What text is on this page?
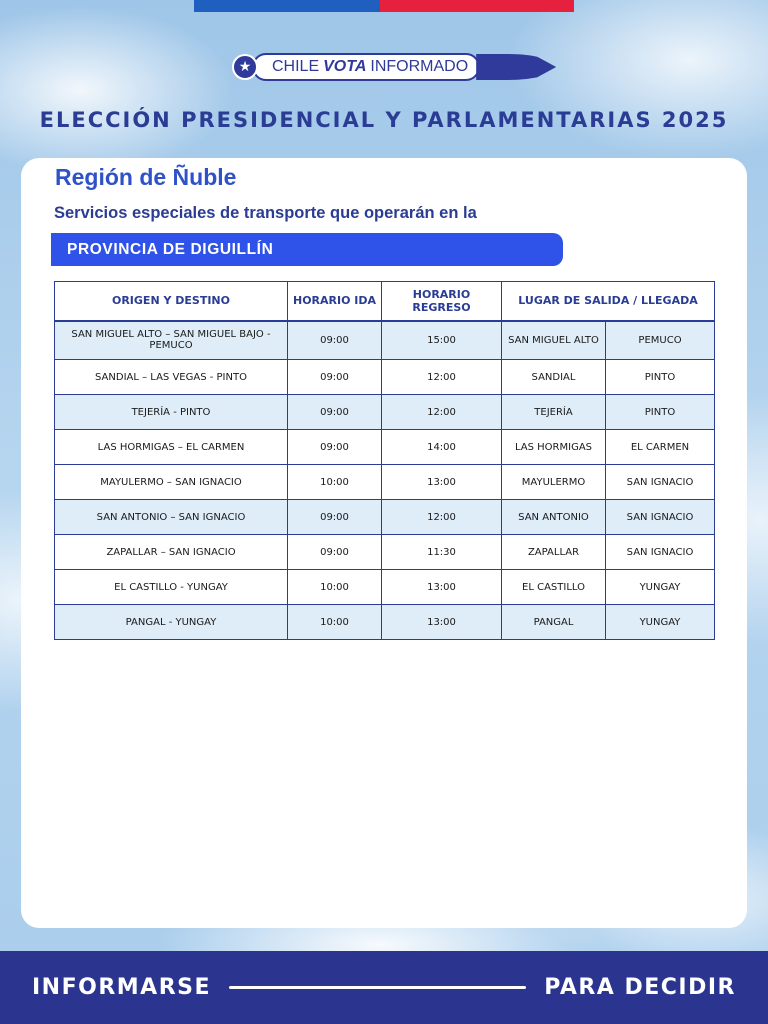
★	CHILE VOTA INFORMADO
ELECCIÓN PRESIDENCIAL Y PARLAMENTARIAS 2025
Región de Ñuble
Servicios especiales de transporte que operarán en la
PROVINCIA DE DIGUILLÍN
ORIGEN Y DESTINO	HORARIO IDA	HORARIO REGRESO	LUGAR DE SALIDA / LLEGADA	
SAN MIGUEL ALTO – SAN MIGUEL BAJO - PEMUCO	09:00	15:00	SAN MIGUEL ALTO	PEMUCO
SANDIAL – LAS VEGAS - PINTO	09:00	12:00	SANDIAL	PINTO
TEJERÍA - PINTO	09:00	12:00	TEJERÍA	PINTO
LAS HORMIGAS – EL CARMEN	09:00	14:00	LAS HORMIGAS	EL CARMEN
MAYULERMO – SAN IGNACIO	10:00	13:00	MAYULERMO	SAN IGNACIO
SAN ANTONIO – SAN IGNACIO	09:00	12:00	SAN ANTONIO	SAN IGNACIO
ZAPALLAR – SAN IGNACIO	09:00	11:30	ZAPALLAR	SAN IGNACIO
EL CASTILLO - YUNGAY	10:00	13:00	EL CASTILLO	YUNGAY
PANGAL - YUNGAY	10:00	13:00	PANGAL	YUNGAY
INFORMARSE	PARA DECIDIR
